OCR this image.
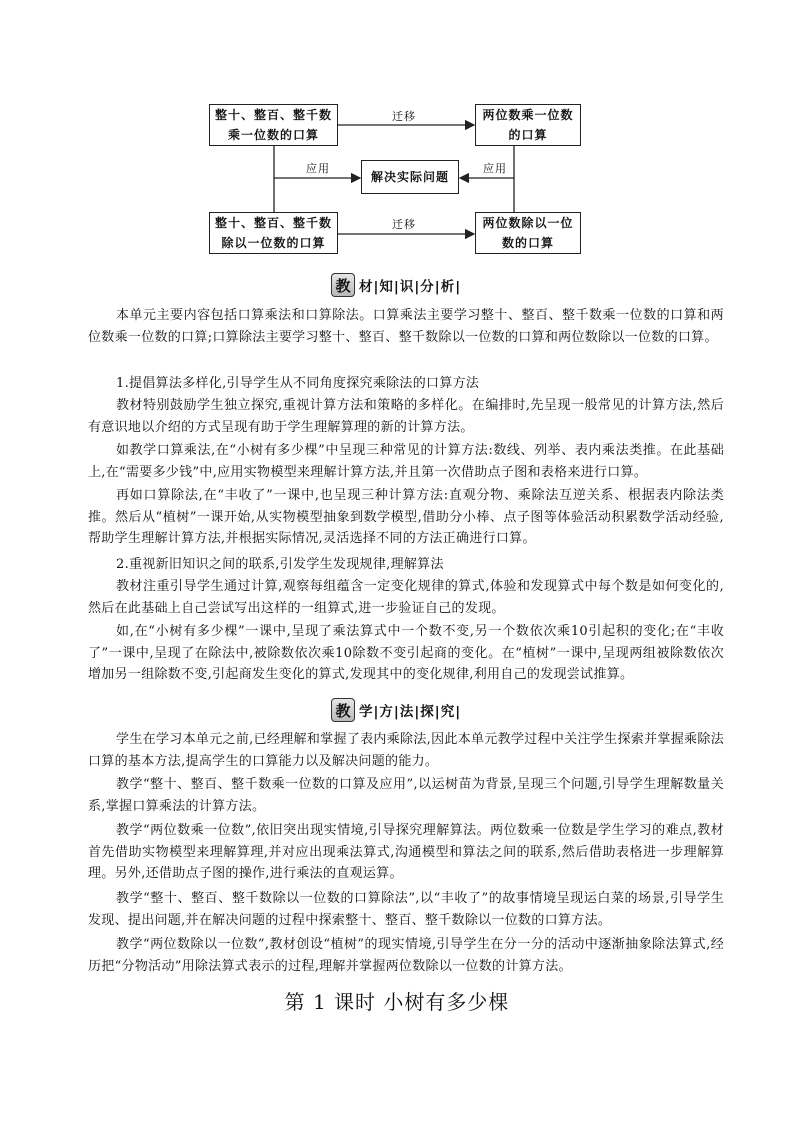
整十、整百、整千数
乘一位数的口算
两位数乘一位数
的口算
解决实际问题
整十、整百、整千数
除以一位数的口算
两位数除以一位
数的口算
迁移
迁移
应用	应用
教 材|知|识|分|析|

本单元主要内容包括口算乘法和口算除法。口算乘法主要学习整十、整百、整千数乘一位数的口算和两位数乘一位数的口算;口算除法主要学习整十、整百、整千数除以一位数的口算和两位数除以一位数的口算。

1.提倡算法多样化,引导学生从不同角度探究乘除法的口算方法

教材特别鼓励学生独立探究,重视计算方法和策略的多样化。在编排时,先呈现一般常见的计算方法,然后有意识地以介绍的方式呈现有助于学生理解算理的新的计算方法。

如教学口算乘法,在“小树有多少棵”中呈现三种常见的计算方法:数线、列举、表内乘法类推。在此基础上,在“需要多少钱”中,应用实物模型来理解计算方法,并且第一次借助点子图和表格来进行口算。

再如口算除法,在“丰收了”一课中,也呈现三种计算方法:直观分物、乘除法互逆关系、根据表内除法类推。然后从“植树”一课开始,从实物模型抽象到数学模型,借助分小棒、点子图等体验活动积累数学活动经验,帮助学生理解计算方法,并根据实际情况,灵活选择不同的方法正确进行口算。

2.重视新旧知识之间的联系,引发学生发现规律,理解算法

教材注重引导学生通过计算,观察每组蕴含一定变化规律的算式,体验和发现算式中每个数是如何变化的,然后在此基础上自己尝试写出这样的一组算式,进一步验证自己的发现。

如,在“小树有多少棵”一课中,呈现了乘法算式中一个数不变,另一个数依次乘10引起积的变化;在“丰收了”一课中,呈现了在除法中,被除数依次乘10除数不变引起商的变化。在“植树”一课中,呈现两组被除数依次增加另一组除数不变,引起商发生变化的算式,发现其中的变化规律,利用自己的发现尝试推算。

教 学|方|法|探|究|

学生在学习本单元之前,已经理解和掌握了表内乘除法,因此本单元教学过程中关注学生探索并掌握乘除法口算的基本方法,提高学生的口算能力以及解决问题的能力。

教学“整十、整百、整千数乘一位数的口算及应用”,以运树苗为背景,呈现三个问题,引导学生理解数量关系,掌握口算乘法的计算方法。

教学“两位数乘一位数”,依旧突出现实情境,引导探究理解算法。两位数乘一位数是学生学习的难点,教材首先借助实物模型来理解算理,并对应出现乘法算式,沟通模型和算法之间的联系,然后借助表格进一步理解算理。另外,还借助点子图的操作,进行乘法的直观运算。

教学“整十、整百、整千数除以一位数的口算除法”,以“丰收了”的故事情境呈现运白菜的场景,引导学生发现、提出问题,并在解决问题的过程中探索整十、整百、整千数除以一位数的口算方法。

教学“两位数除以一位数”,教材创设“植树”的现实情境,引导学生在分一分的活动中逐渐抽象除法算式,经历把“分物活动”用除法算式表示的过程,理解并掌握两位数除以一位数的计算方法。

第 1 课时 小树有多少棵
